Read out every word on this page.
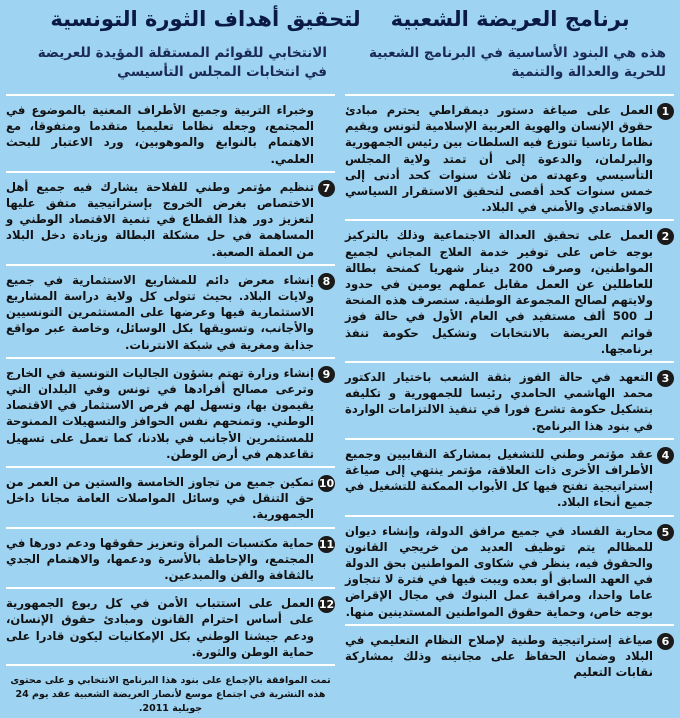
برنامج العريضة الشعبيةلتحقيق أهداف الثورة التونسية
هذه هي البنود الأساسية في البرنامج الشعبية للحرية والعدالة والتنمية
1
العمل على صياغة دستور ديمقراطي يحترم مبادئ حقوق الإنسان والهوية العربية الإسلامية لتونس ويقيم نظاما رئاسيا تتوزع فيه السلطات بين رئيس الجمهورية والبرلمان، والدعوة إلى أن تمتد ولاية المجلس التأسيسي وعهدته من ثلاث سنوات كحد أدنى إلى خمس سنوات كحد أقصى لتحقيق الاستقرار السياسي والاقتصادي والأمني في البلاد.
2
العمل على تحقيق العدالة الاجتماعية وذلك بالتركيز بوجه خاص على توفير خدمة العلاج المجاني لجميع المواطنين، وصرف 200 دينار شهريا كمنحة بطالة للعاطلين عن العمل مقابل عملهم يومين في حدود ولايتهم لصالح المجموعة الوطنية. ستصرف هذه المنحة لـ 500 ألف مستفيد في العام الأول في حالة فوز قوائم العريضة بالانتخابات وتشكيل حكومة تنفذ برنامجها.
3
التعهد في حالة الفوز بثقة الشعب باختيار الدكتور محمد الهاشمي الحامدي رئيسا للجمهورية و تكليفه بتشكيل حكومة تشرع فورا في تنفيذ الالتزامات الواردة في بنود هذا البرنامج.
4
عقد مؤتمر وطني للتشغيل بمشاركة النقابيين وجميع الأطراف الأخرى ذات العلاقة، مؤتمر ينتهي إلى صياغة إستراتيجية تفتح فيها كل الأبواب الممكنة للتشغيل في جميع أنحاء البلاد.
5
محاربة الفساد في جميع مرافق الدولة، وإنشاء ديوان للمظالم يتم توظيف العديد من خريجي القانون والحقوق فيه، ينظر في شكاوى المواطنين بحق الدولة في العهد السابق أو بعده ويبت فيها في فترة لا تتجاوز عاما واحدا، ومراقبة عمل البنوك في مجال الإقراض بوجه خاص، وحماية حقوق المواطنين المستدينين منها.
6
صياغة إستراتيجية وطنية لإصلاح النظام التعليمي في البلاد وضمان الحفاظ على مجانيته وذلك بمشاركة نقابات التعليم
الانتخابي للقوائم المستقلة المؤيدة للعريضة في انتخابات المجلس التأسيسي
وخبراء التربية وجميع الأطراف المعنية بالموضوع في المجتمع، وجعله نظاما تعليميا متقدما ومتفوقا، مع الاهتمام بالنوابغ والموهوبين، ورد الاعتبار للبحث العلمي.
7
تنظيم مؤتمر وطني للفلاحة يشارك فيه جميع أهل الاختصاص بغرض الخروج بإستراتيجية متفق عليها لتعزيز دور هذا القطاع في تنمية الاقتصاد الوطني و المساهمة في حل مشكلة البطالة وزيادة دخل البلاد من العملة الصعبة.
8
إنشاء معرض دائم للمشاريع الاستثمارية في جميع ولايات البلاد. بحيث تتولى كل ولاية دراسة المشاريع الاستثمارية فيها وعرضها على المستثمرين التونسيين والأجانب، وتسويقها بكل الوسائل، وخاصة عبر مواقع جذابة ومغرية في شبكة الانترنات.
9
إنشاء وزارة تهتم بشؤون الجاليات التونسية في الخارج وترعى مصالح أفرادها في تونس وفي البلدان التي يقيمون بها، وتسهل لهم فرص الاستثمار في الاقتصاد الوطني. وتمنحهم نفس الحوافز والتسهيلات الممنوحة للمستثمرين الأجانب في بلادنا، كما تعمل على تسهيل تقاعدهم في أرض الوطن.
10
تمكين جميع من تجاوز الخامسة والستين من العمر من حق التنقل في وسائل المواصلات العامة مجانا داخل الجمهورية.
11
حماية مكتسبات المرأة وتعزيز حقوقها ودعم دورها في المجتمع، والإحاطة بالأسرة ودعمها، والاهتمام الجدي بالثقافة والفن والمبدعين.
12
العمل على استتباب الأمن في كل ربوع الجمهورية على أساس احترام القانون ومبادئ حقوق الإنسان، ودعم جيشنا الوطني بكل الإمكانيات ليكون قادرا على حماية الوطن والثورة.
تمت الموافقة بالإجماع على بنود هذا البرنامج الانتخابي و على محتوى هذه النشرية في اجتماع موسع لأنصار العريضة الشعبية عقد يوم 24 جويلية 2011.
